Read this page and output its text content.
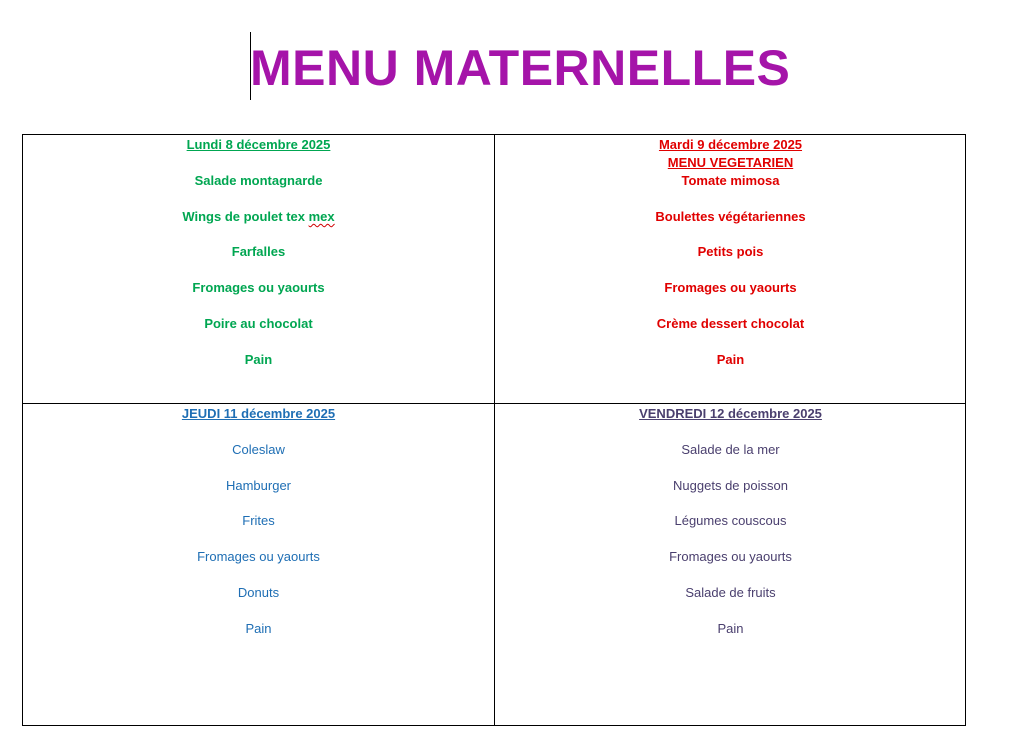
MENU MATERNELLES
Lundi 8 décembre 2025
Salade montagnarde
Wings de poulet tex mex
Farfalles
Fromages ou yaourts
Poire au chocolat
Pain
Mardi 9 décembre 2025
MENU VEGETARIEN
Tomate mimosa
Boulettes végétariennes
Petits pois
Fromages ou yaourts
Crème dessert chocolat
Pain
JEUDI 11 décembre 2025
Coleslaw
Hamburger
Frites
Fromages ou yaourts
Donuts
Pain
VENDREDI 12 décembre 2025
Salade de la mer
Nuggets de poisson
Légumes couscous
Fromages ou yaourts
Salade de fruits
Pain
